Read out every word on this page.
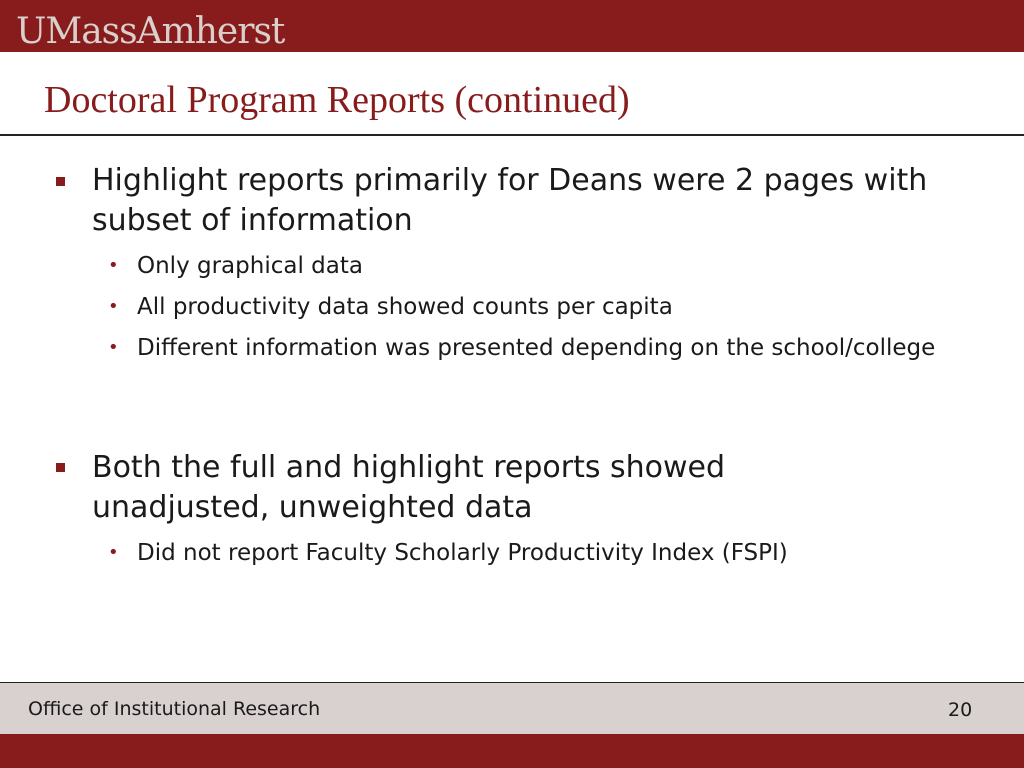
UMassAmherst
Doctoral Program Reports (continued)
Highlight reports primarily for Deans were 2 pages with subset of information
• Only graphical data
• All productivity data showed counts per capita
• Different information was presented depending on the school/college
Both the full and highlight reports showed unadjusted, unweighted data
• Did not report Faculty Scholarly Productivity Index (FSPI)
Office of Institutional Research	20
